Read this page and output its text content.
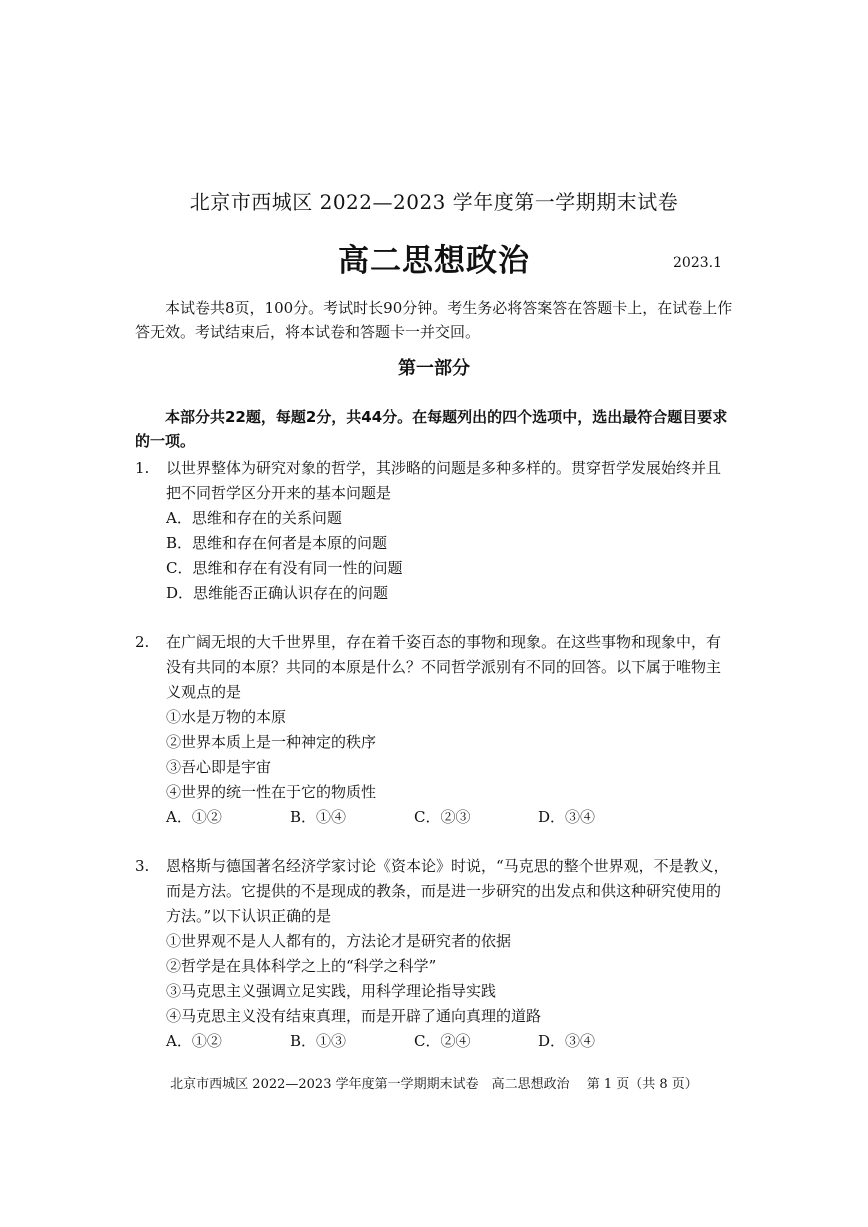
北京市西城区 2022—2023 学年度第一学期期末试卷
高二思想政治	2023.1
本试卷共8页，100分。考试时长90分钟。考生务必将答案答在答题卡上，在试卷上作答无效。考试结束后，将本试卷和答题卡一并交回。
第一部分
本部分共22题，每题2分，共44分。在每题列出的四个选项中，选出最符合题目要求的一项。
1. 以世界整体为研究对象的哲学，其涉略的问题是多种多样的。贯穿哲学发展始终并且把不同哲学区分开来的基本问题是
A．思维和存在的关系问题
B．思维和存在何者是本原的问题
C．思维和存在有没有同一性的问题
D．思维能否正确认识存在的问题
2. 在广阔无垠的大千世界里，存在着千姿百态的事物和现象。在这些事物和现象中，有没有共同的本原？共同的本原是什么？不同哲学派别有不同的回答。以下属于唯物主义观点的是
①水是万物的本原
②世界本质上是一种神定的秩序
③吾心即是宇宙
④世界的统一性在于它的物质性
A．①②	B．①④	C．②③	D．③④
3. 恩格斯与德国著名经济学家讨论《资本论》时说，“马克思的整个世界观，不是教义，而是方法。它提供的不是现成的教条，而是进一步研究的出发点和供这种研究使用的方法。”以下认识正确的是
①世界观不是人人都有的，方法论才是研究者的依据
②哲学是在具体科学之上的“科学之科学”
③马克思主义强调立足实践，用科学理论指导实践
④马克思主义没有结束真理，而是开辟了通向真理的道路
A．①②	B．①③	C．②④	D．③④
北京市西城区 2022—2023 学年度第一学期期末试卷　高二思想政治　 第 1 页（共 8 页）
